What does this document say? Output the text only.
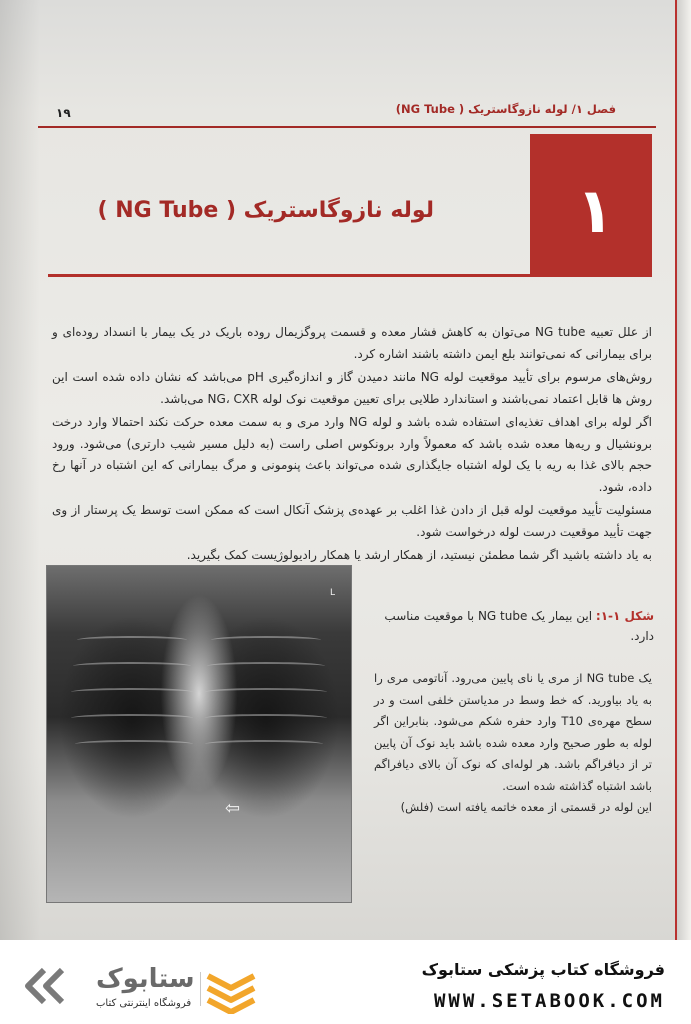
فصل ۱/ لوله نازوگاستریک ( NG Tube)
۱۹
۱
لوله نازوگاستریک ( NG Tube )

از علل تعبیه NG tube می‌توان به کاهش فشار معده و قسمت پروگزیمال روده باریک در یک بیمار با انسداد روده‌ای و برای بیمارانی که نمی‌توانند بلع ایمن داشته باشند اشاره کرد.

روش‌های مرسوم برای تأیید موقعیت لوله NG مانند دمیدن گاز و اندازه‌گیری pH می‌باشد که نشان داده شده است این روش ها قابل اعتماد نمی‌باشند و استاندارد طلایی برای تعیین موقعیت نوک لوله NG، CXR می‌باشد.

اگر لوله برای اهداف تغذیه‌ای استفاده شده باشد و لوله NG وارد مری و به سمت معده حرکت نکند احتمالا وارد درخت برونشیال و ریه‌ها معده شده باشد که معمولاً وارد برونکوس اصلی راست (به دلیل مسیر شیب دارتری) می‌شود. ورود حجم بالای غذا به ریه با یک لوله اشتباه جایگذاری شده می‌تواند باعث پنومونی و مرگ بیمارانی که این اشتباه در آنها رخ داده، شود.

مسئولیت تأیید موقعیت لوله قبل از دادن غذا اغلب بر عهده‌ی پزشک آنکال است که ممکن است توسط یک پرستار از وی جهت تأیید موقعیت درست لوله درخواست شود.

به یاد داشته باشید اگر شما مطمئن نیستید، از همکار ارشد یا همکار رادیولوژیست کمک بگیرید.

L
⇦
شکل ۱-۱: این بیمار یک NG tube با موقعیت مناسب دارد.

یک NG tube از مری یا نای پایین می‌رود. آناتومی مری را به یاد بیاورید. که خط وسط در مدیاستن خلفی است و در سطح مهره‌ی T10 وارد حفره شکم می‌شود. بنابراین اگر لوله به طور صحیح وارد معده شده باشد باید نوک آن پایین تر از دیافراگم باشد. هر لوله‌ای که نوک آن بالای دیافراگم باشد اشتباه گذاشته شده است.

این لوله در قسمتی از معده خاتمه یافته است (فلش)

ستابوک
فروشگاه اینترنتی کتاب
فروشگاه کتاب پزشکی ستابوک
WWW.SETABOOK.COM
